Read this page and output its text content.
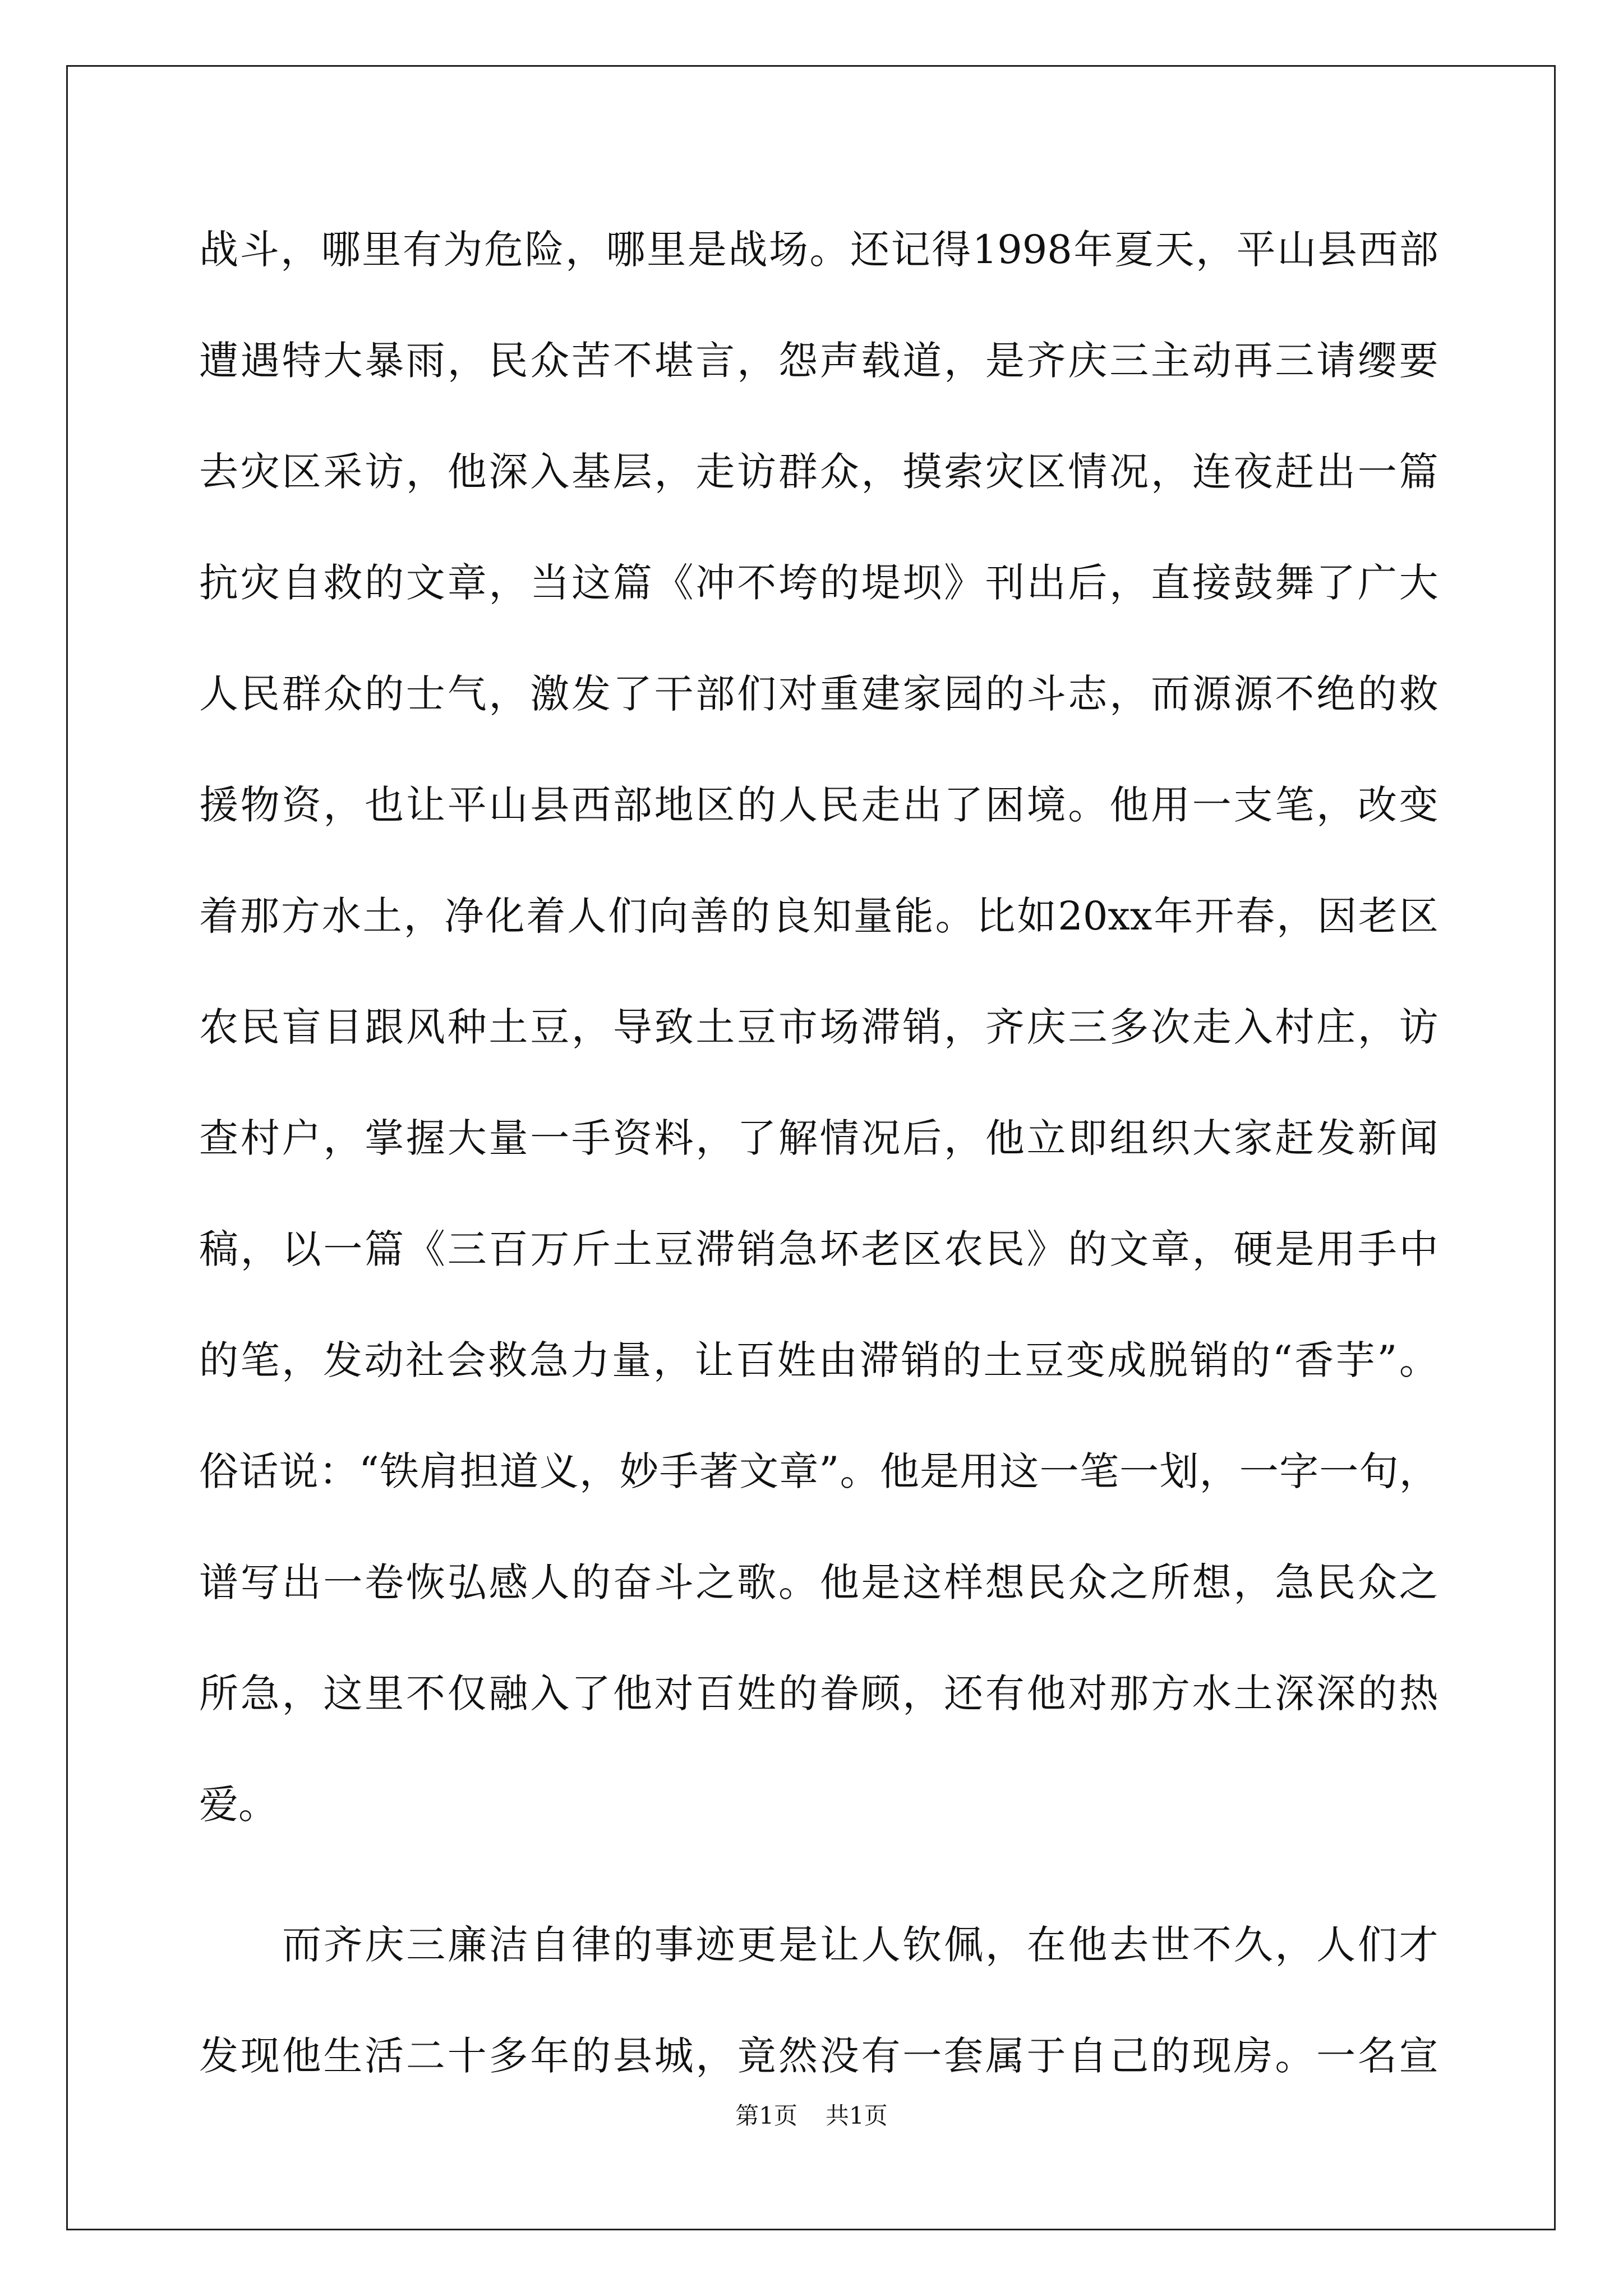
战 斗 ， 哪 里 有 为 危 险 ， 哪 里 是 战 场 。 还 记 得 1998 年 夏 天 ， 平 山 县 西 部
遭 遇 特 大 暴 雨 ， 民 众 苦 不 堪 言 ， 怨 声 载 道 ， 是 齐 庆 三 主 动 再 三 请 缨 要
去 灾 区 采 访 ， 他 深 入 基 层 ， 走 访 群 众 ， 摸 索 灾 区 情 况 ， 连 夜 赶 出 一 篇
抗 灾 自 救 的 文 章 ， 当 这 篇 《 冲 不 垮 的 堤 坝 》 刊 出 后 ， 直 接 鼓 舞 了 广 大
人 民 群 众 的 士 气 ， 激 发 了 干 部 们 对 重 建 家 园 的 斗 志 ， 而 源 源 不 绝 的 救
援 物 资 ， 也 让 平 山 县 西 部 地 区 的 人 民 走 出 了 困 境 。 他 用 一 支 笔 ， 改 变
着 那 方 水 土 ， 净 化 着 人 们 向 善 的 良 知 量 能 。 比 如 20xx 年 开 春 ， 因 老 区
农 民 盲 目 跟 风 种 土 豆 ， 导 致 土 豆 市 场 滞 销 ， 齐 庆 三 多 次 走 入 村 庄 ， 访
查 村 户 ， 掌 握 大 量 一 手 资 料 ， 了 解 情 况 后 ， 他 立 即 组 织 大 家 赶 发 新 闻
稿 ， 以 一 篇 《 三 百 万 斤 土 豆 滞 销 急 坏 老 区 农 民 》 的 文 章 ， 硬 是 用 手 中
的 笔 ， 发 动 社 会 救 急 力 量 ， 让 百 姓 由 滞 销 的 土 豆 变 成 脱 销 的 “ 香 芋 ” 。
俗 话 说 ： “ 铁 肩 担 道 义 ， 妙 手 著 文 章 ” 。 他 是 用 这 一 笔 一 划 ， 一 字 一 句 ，
谱 写 出 一 卷 恢 弘 感 人 的 奋 斗 之 歌 。 他 是 这 样 想 民 众 之 所 想 ， 急 民 众 之
所 急 ， 这 里 不 仅 融 入 了 他 对 百 姓 的 眷 顾 ， 还 有 他 对 那 方 水 土 深 深 的 热
爱 。
而 齐 庆 三 廉 洁 自 律 的 事 迹 更 是 让 人 钦 佩 ， 在 他 去 世 不 久 ， 人 们 才
发 现 他 生 活 二 十 多 年 的 县 城 ， 竟 然 没 有 一 套 属 于 自 己 的 现 房 。 一 名 宣
第1页 共1页
